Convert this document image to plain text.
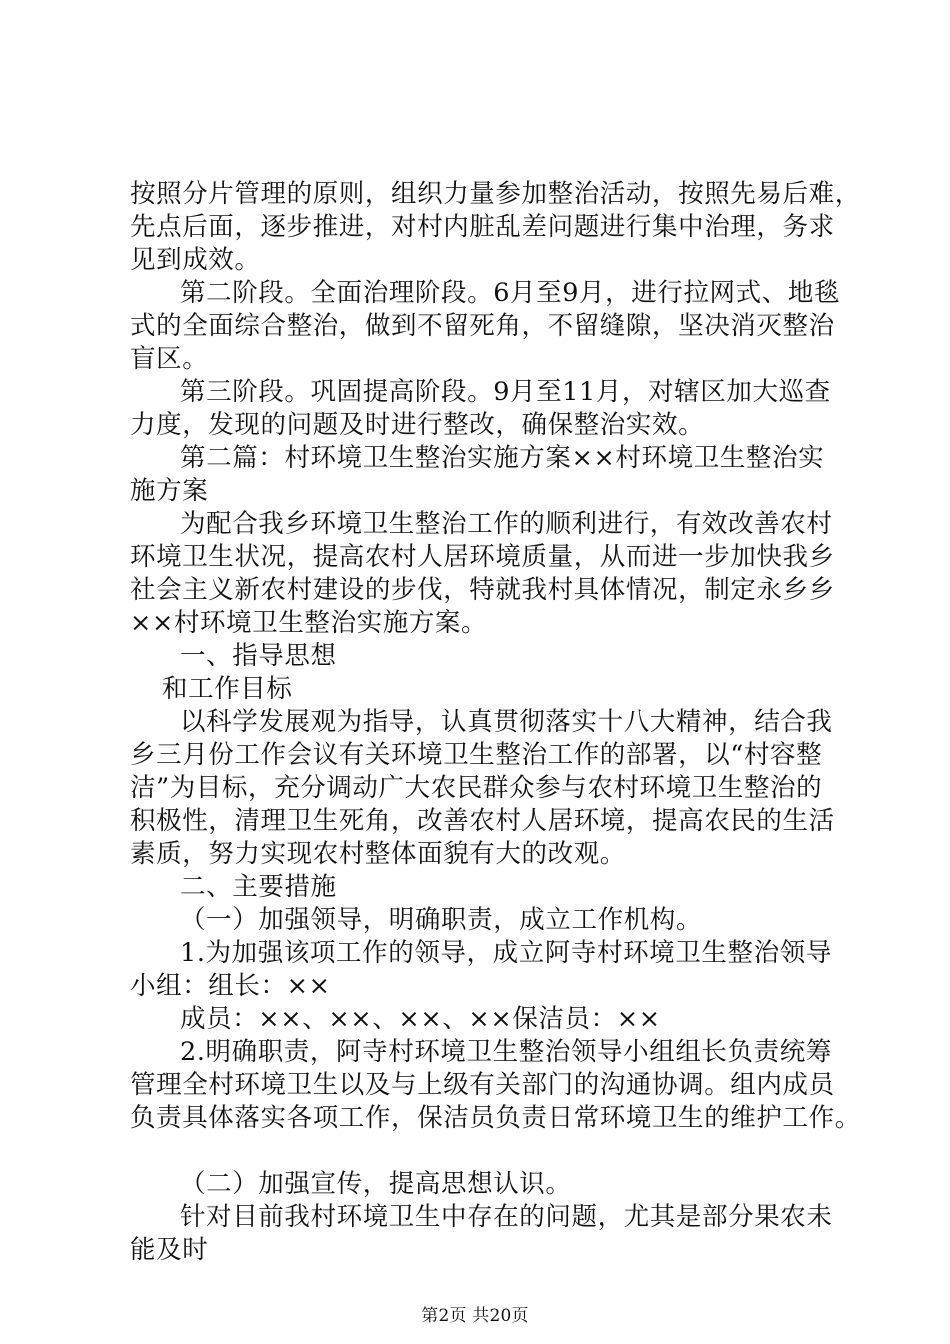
按照分片管理的原则，组织力量参加整治活动，按照先易后难，
先点后面，逐步推进，对村内脏乱差问题进行集中治理，务求
见到成效。
第二阶段。全面治理阶段。6月至9月，进行拉网式、地毯
式的全面综合整治，做到不留死角，不留缝隙，坚决消灭整治
盲区。
第三阶段。巩固提高阶段。9月至11月，对辖区加大巡查
力度，发现的问题及时进行整改，确保整治实效。
第二篇：村环境卫生整治实施方案××村环境卫生整治实
施方案
为配合我乡环境卫生整治工作的顺利进行，有效改善农村
环境卫生状况，提高农村人居环境质量，从而进一步加快我乡
社会主义新农村建设的步伐，特就我村具体情况，制定永乡乡
××村环境卫生整治实施方案。
一、指导思想
和工作目标
以科学发展观为指导，认真贯彻落实十八大精神，结合我
乡三月份工作会议有关环境卫生整治工作的部署，以“村容整
洁”为目标，充分调动广大农民群众参与农村环境卫生整治的
积极性，清理卫生死角，改善农村人居环境，提高农民的生活
素质，努力实现农村整体面貌有大的改观。
二、主要措施
（一）加强领导，明确职责，成立工作机构。
1.为加强该项工作的领导，成立阿寺村环境卫生整治领导
小组：组长：××
成员：××、××、××、××保洁员：××
2.明确职责，阿寺村环境卫生整治领导小组组长负责统筹
管理全村环境卫生以及与上级有关部门的沟通协调。组内成员
负责具体落实各项工作，保洁员负责日常环境卫生的维护工作。
（二）加强宣传，提高思想认识。
针对目前我村环境卫生中存在的问题，尤其是部分果农未
能及时
第2页 共20页
